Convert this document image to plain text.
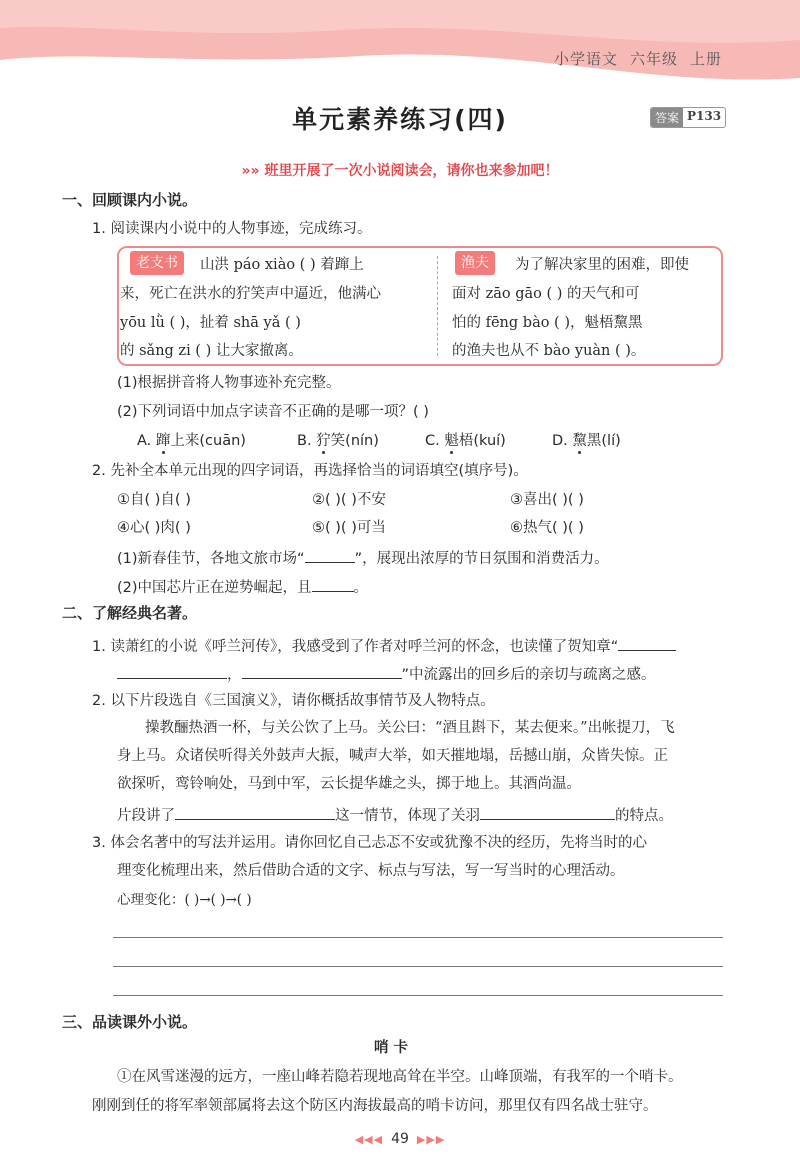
小学语文 六年级 上册
单元素养练习(四)	答案 P133
»» 班里开展了一次小说阅读会，请你也来参加吧！
一、回顾课内小说。
1. 阅读课内小说中的人物事迹，完成练习。
老支书	山洪 páo xiào ( ) 着蹿上
来，死亡在洪水的狞笑声中逼近，他满心
yōu lǜ ( )，扯着 shā yǎ ( )
的 sǎng zi ( ) 让大家撤离。
渔夫	为了解决家里的困难，即使
面对 zāo gāo ( ) 的天气和可
怕的 fēng bào ( )，魁梧黧黑
的渔夫也从不 bào yuàn ( )。
(1)根据拼音将人物事迹补充完整。
(2)下列词语中加点字读音不正确的是哪一项？( )
A. 蹿上来(cuān)	B. 狞笑(nín)	C. 魁梧(kuí)	D. 黧黑(lí)
2. 先补全本单元出现的四字词语，再选择恰当的词语填空(填序号)。
①自( )自( )	②( )( )不安	③喜出( )( )
④心( )肉( )	⑤( )( )可当	⑥热气( )( )
(1)新春佳节，各地文旅市场“	”，展现出浓厚的节日氛围和消费活力。
(2)中国芯片正在逆势崛起，且	。
二、了解经典名著。
1. 读萧红的小说《呼兰河传》，我感受到了作者对呼兰河的怀念，也读懂了贺知章“
，	”中流露出的回乡后的亲切与疏离之感。
2. 以下片段选自《三国演义》，请你概括故事情节及人物特点。
操教酾热酒一杯，与关公饮了上马。关公曰：“酒且斟下，某去便来。”出帐提刀，飞
身上马。众诸侯听得关外鼓声大振，喊声大举，如天摧地塌，岳撼山崩，众皆失惊。正
欲探听，鸾铃响处，马到中军，云长提华雄之头，掷于地上。其酒尚温。
片段讲了	这一情节，体现了关羽	的特点。
3. 体会名著中的写法并运用。请你回忆自己忐忑不安或犹豫不决的经历，先将当时的心
理变化梳理出来，然后借助合适的文字、标点与写法，写一写当时的心理活动。
心理变化：( )→( )→( )
三、品读课外小说。
哨 卡
①在风雪迷漫的远方，一座山峰若隐若现地高耸在半空。山峰顶端，有我军的一个哨卡。
刚刚到任的将军率领部属将去这个防区内海拔最高的哨卡访问，那里仅有四名战士驻守。
◀◀◀ 49 ▶▶▶
